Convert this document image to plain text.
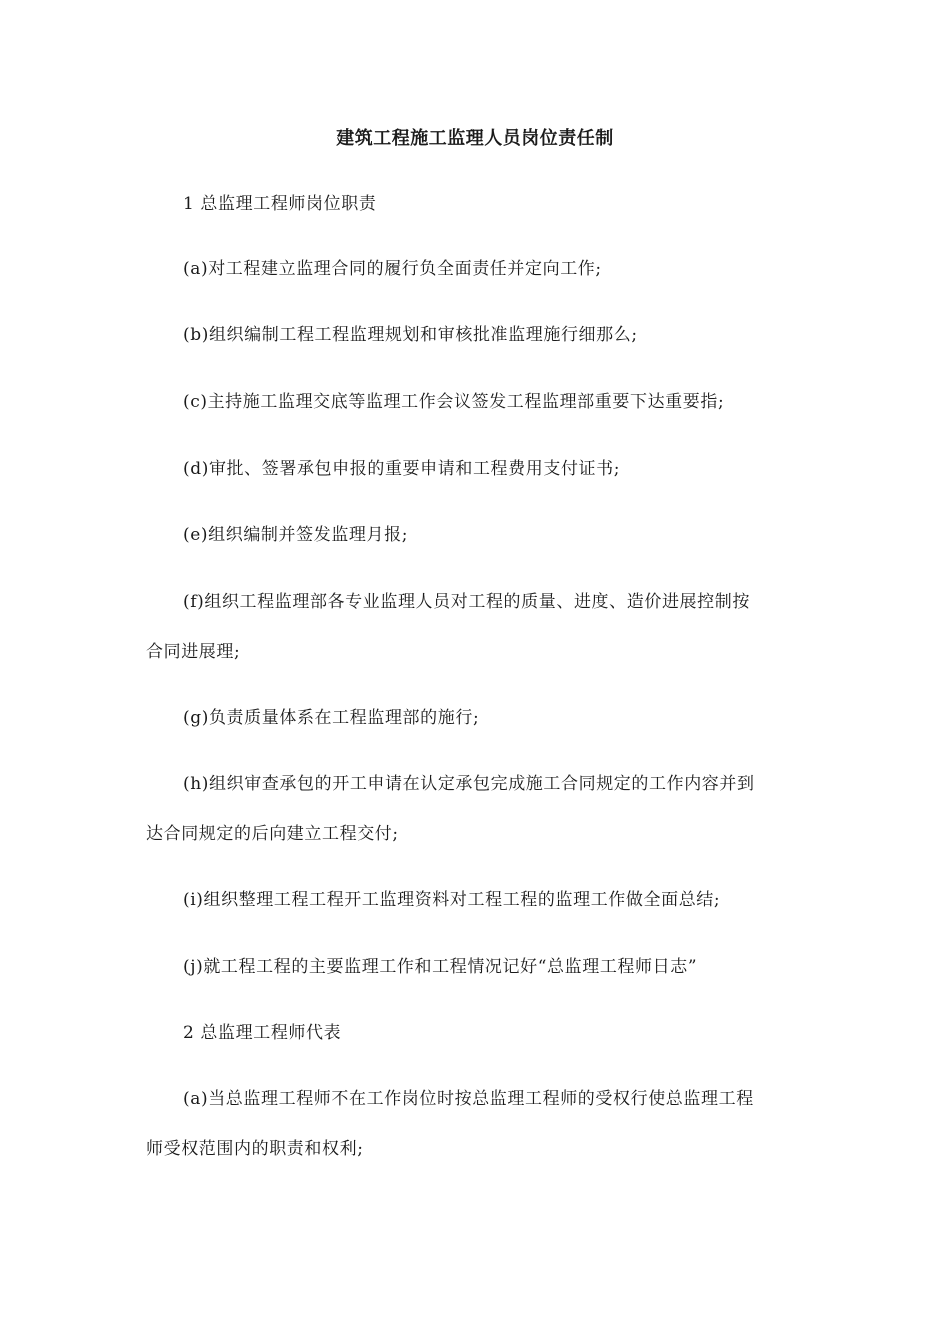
建筑工程施工监理人员岗位责任制
1 总监理工程师岗位职责
(a)对工程建立监理合同的履行负全面责任并定向工作;
(b)组织编制工程工程监理规划和审核批准监理施行细那么;
(c)主持施工监理交底等监理工作会议签发工程监理部重要下达重要指;
(d)审批、签署承包申报的重要申请和工程费用支付证书;
(e)组织编制并签发监理月报;
(f)组织工程监理部各专业监理人员对工程的质量、进度、造价进展控制按
合同进展理;
(g)负责质量体系在工程监理部的施行;
(h)组织审查承包的开工申请在认定承包完成施工合同规定的工作内容并到
达合同规定的后向建立工程交付;
(i)组织整理工程工程开工监理资料对工程工程的监理工作做全面总结;
(j)就工程工程的主要监理工作和工程情况记好“总监理工程师日志”
2 总监理工程师代表
(a)当总监理工程师不在工作岗位时按总监理工程师的受权行使总监理工程
师受权范围内的职责和权利;
